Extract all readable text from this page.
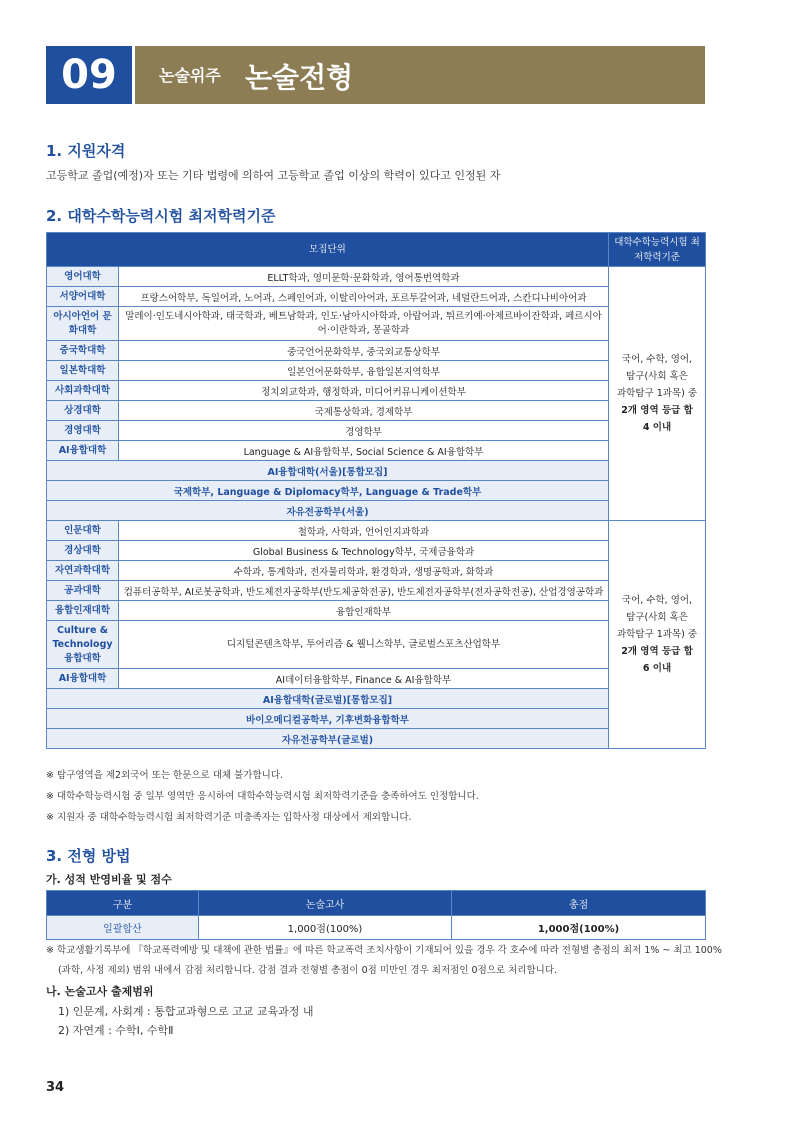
09	논술위주 논술전형
1. 지원자격
고등학교 졸업(예정)자 또는 기타 법령에 의하여 고등학교 졸업 이상의 학력이 있다고 인정된 자
2. 대학수학능력시험 최저학력기준
모집단위		대학수학능력시험 최저학력기준
영어대학	ELLT학과, 영미문학·문화학과, 영어통번역학과	국어, 수학, 영어,
탐구(사회 혹은
과학탐구 1과목) 중
2개 영역 등급 합
4 이내

서양어대학	프랑스어학부, 독일어과, 노어과, 스페인어과, 이탈리아어과, 포르투갈어과, 네덜란드어과, 스칸디나비아어과	
아시아언어 문화대학	말레이·인도네시아학과, 태국학과, 베트남학과, 인도·남아시아학과, 아랍어과, 튀르키예·아제르바이잔학과, 페르시아어·이란학과, 몽골학과	
중국학대학	중국언어문화학부, 중국외교통상학부	
일본학대학	일본언어문화학부, 융합일본지역학부	
사회과학대학	정치외교학과, 행정학과, 미디어커뮤니케이션학부	
상경대학	국제통상학과, 경제학부	
경영대학	경영학부	
AI융합대학	Language & AI융합학부, Social Science & AI융합학부	
AI융합대학(서울)[통합모집]		
국제학부, Language & Diplomacy학부, Language & Trade학부		
자유전공학부(서울)		
인문대학	철학과, 사학과, 언어인지과학과	국어, 수학, 영어,
탐구(사회 혹은
과학탐구 1과목) 중
2개 영역 등급 합
6 이내

경상대학	Global Business & Technology학부, 국제금융학과	
자연과학대학	수학과, 통계학과, 전자물리학과, 환경학과, 생명공학과, 화학과	
공과대학	컴퓨터공학부, AI로봇공학과, 반도체전자공학부(반도체공학전공), 반도체전자공학부(전자공학전공), 산업경영공학과	
융합인재대학	융합인재학부	
Culture & Technology 융합대학	디지털콘텐츠학부, 투어리즘 & 웰니스학부, 글로벌스포츠산업학부	
AI융합대학	AI데이터융합학부, Finance & AI융합학부	
AI융합대학(글로벌)[통합모집]		
바이오메디컬공학부, 기후변화융합학부		
자유전공학부(글로벌)		
※ 탐구영역을 제2외국어 또는 한문으로 대체 불가합니다.
※ 대학수학능력시험 중 일부 영역만 응시하여 대학수학능력시험 최저학력기준을 충족하여도 인정합니다.
※ 지원자 중 대학수학능력시험 최저학력기준 미충족자는 입학사정 대상에서 제외합니다.
3. 전형 방법
가. 성적 반영비율 및 점수
구분	논술고사	총점
일괄합산	1,000점(100%)	1,000점(100%)
※ 학교생활기록부에 『학교폭력예방 및 대책에 관한 법률』에 따른 학교폭력 조치사항이 기재되어 있을 경우 각 호수에 따라 전형별 총점의 최저 1% ~ 최고 100%
(과학, 사정 제외) 범위 내에서 감점 처리합니다. 감점 결과 전형별 총점이 0점 미만인 경우 최저점인 0점으로 처리합니다.
나. 논술고사 출제범위
1) 인문계, 사회계 : 통합교과형으로 고교 교육과정 내
2) 자연계 : 수학Ⅰ, 수학Ⅱ
34
